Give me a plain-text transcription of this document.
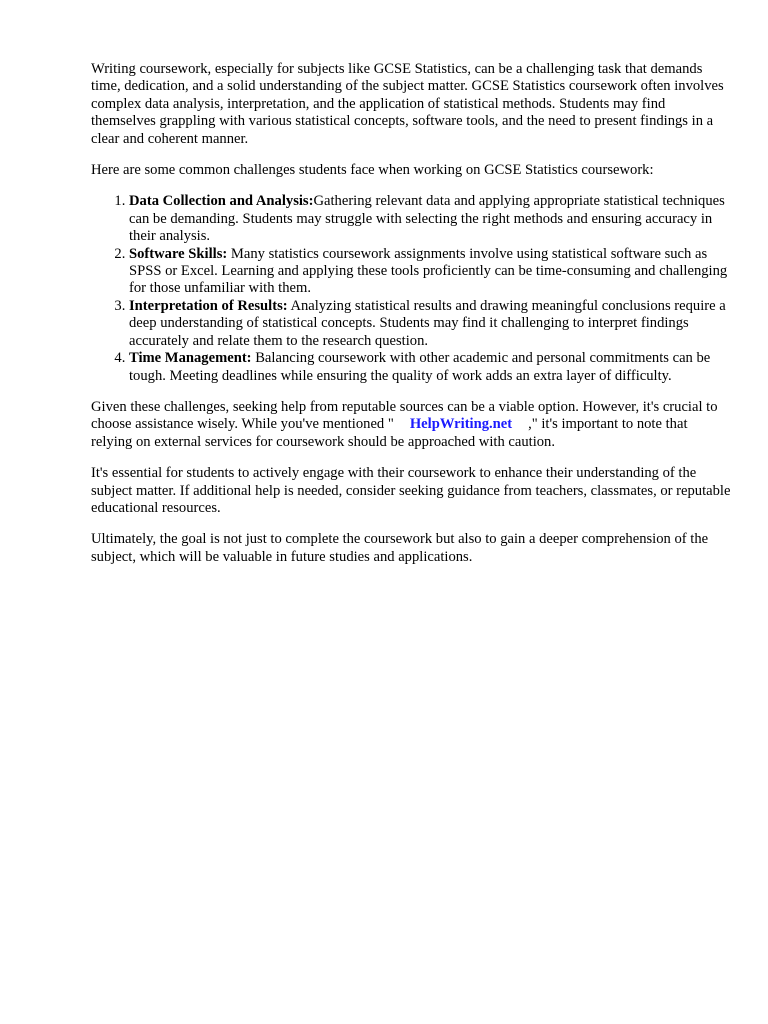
Writing coursework, especially for subjects like GCSE Statistics, can be a challenging task that demands time, dedication, and a solid understanding of the subject matter. GCSE Statistics coursework often involves complex data analysis, interpretation, and the application of statistical methods. Students may find themselves grappling with various statistical concepts, software tools, and the need to present findings in a clear and coherent manner.

Here are some common challenges students face when working on GCSE Statistics coursework:

1. Data Collection and Analysis:Gathering relevant data and applying appropriate statistical techniques can be demanding. Students may struggle with selecting the right methods and ensuring accuracy in their analysis.
2. Software Skills: Many statistics coursework assignments involve using statistical software such as SPSS or Excel. Learning and applying these tools proficiently can be time-consuming and challenging for those unfamiliar with them.
3. Interpretation of Results: Analyzing statistical results and drawing meaningful conclusions require a deep understanding of statistical concepts. Students may find it challenging to interpret findings accurately and relate them to the research question.
4. Time Management: Balancing coursework with other academic and personal commitments can be tough. Meeting deadlines while ensuring the quality of work adds an extra layer of difficulty.

Given these challenges, seeking help from reputable sources can be a viable option. However, it's crucial to choose assistance wisely. While you've mentioned " HelpWriting.net ," it's important to note that relying on external services for coursework should be approached with caution.

It's essential for students to actively engage with their coursework to enhance their understanding of the subject matter. If additional help is needed, consider seeking guidance from teachers, classmates, or reputable educational resources.

Ultimately, the goal is not just to complete the coursework but also to gain a deeper comprehension of the subject, which will be valuable in future studies and applications.
